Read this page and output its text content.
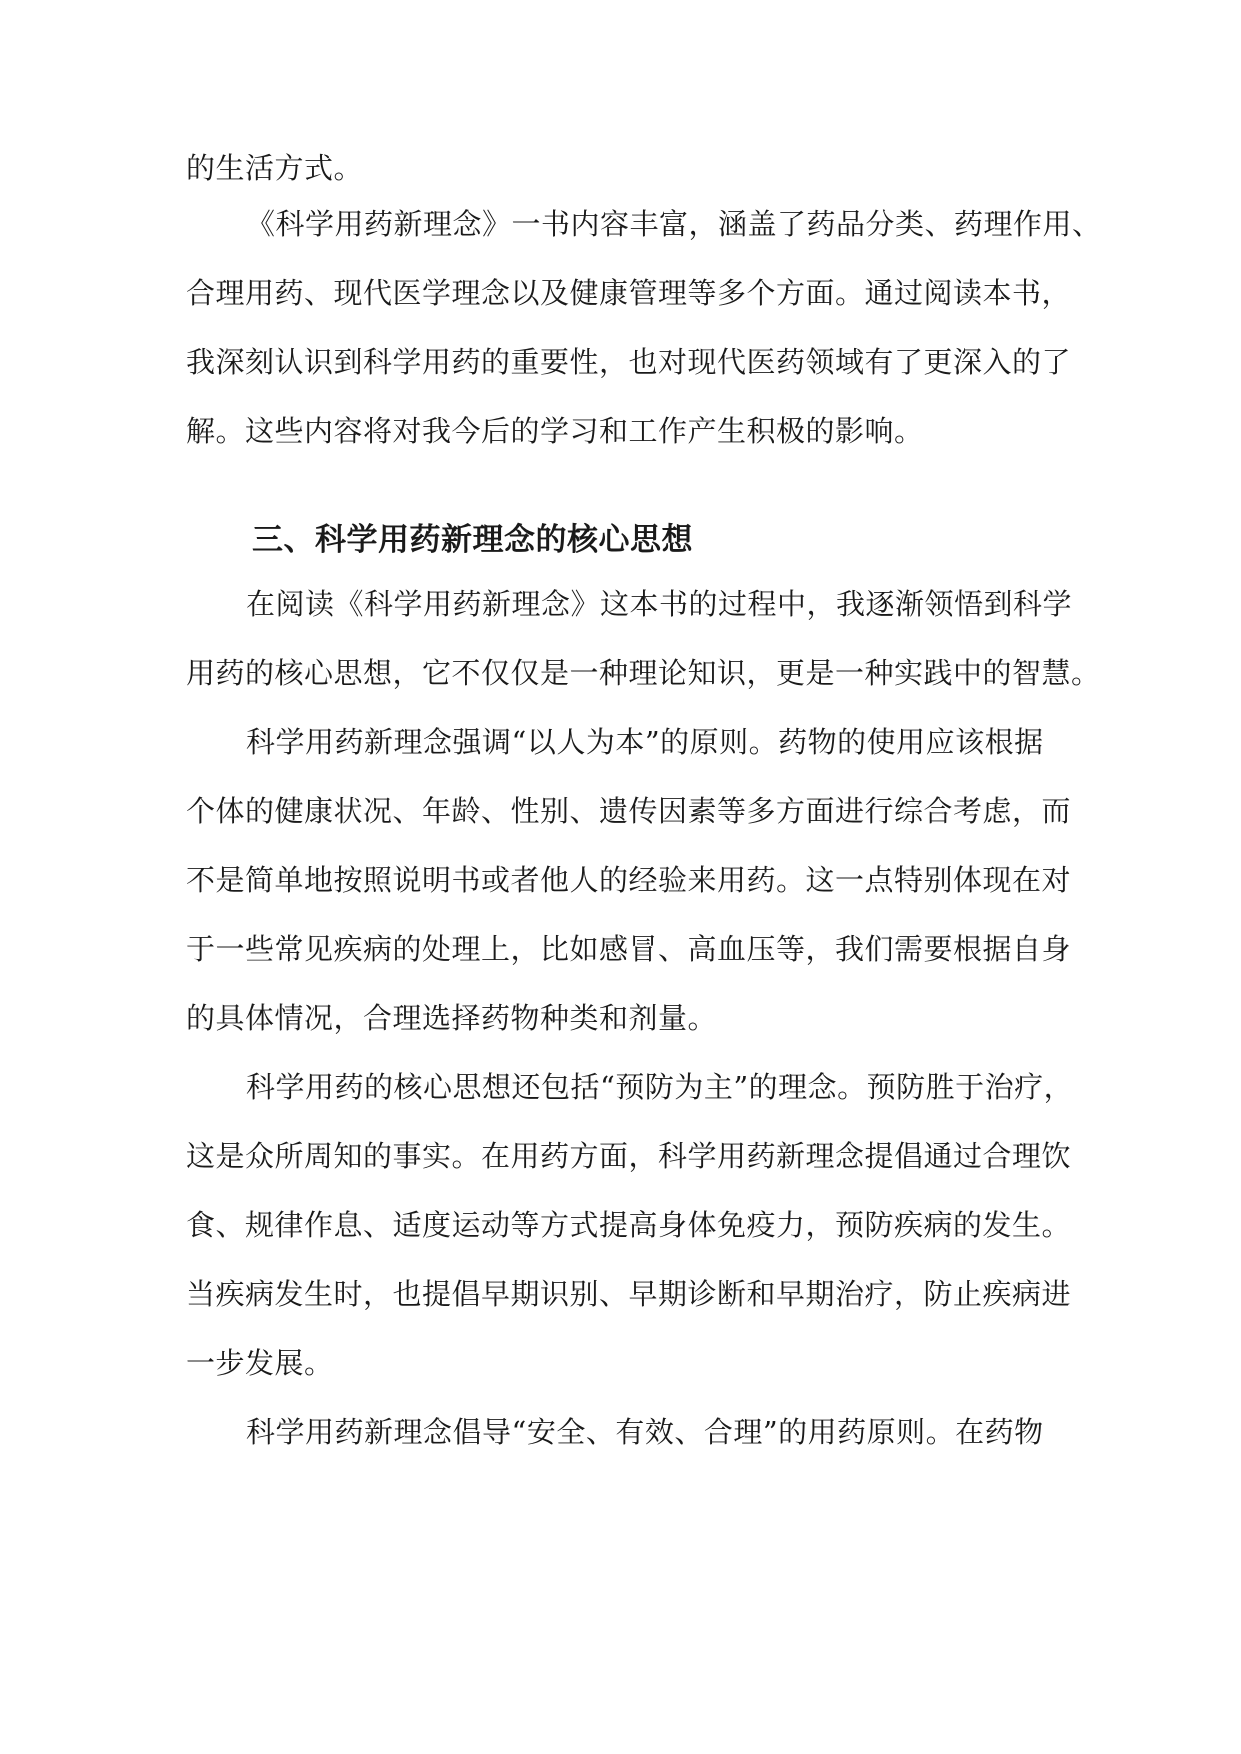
的生活方式。
《科学用药新理念》一书内容丰富，涵盖了药品分类、药理作用、
合理用药、现代医学理念以及健康管理等多个方面。通过阅读本书，
我深刻认识到科学用药的重要性，也对现代医药领域有了更深入的了
解。这些内容将对我今后的学习和工作产生积极的影响。
三、科学用药新理念的核心思想
在阅读《科学用药新理念》这本书的过程中，我逐渐领悟到科学
用药的核心思想，它不仅仅是一种理论知识，更是一种实践中的智慧。
科学用药新理念强调“以人为本”的原则。药物的使用应该根据
个体的健康状况、年龄、性别、遗传因素等多方面进行综合考虑，而
不是简单地按照说明书或者他人的经验来用药。这一点特别体现在对
于一些常见疾病的处理上，比如感冒、高血压等，我们需要根据自身
的具体情况，合理选择药物种类和剂量。
科学用药的核心思想还包括“预防为主”的理念。预防胜于治疗，
这是众所周知的事实。在用药方面，科学用药新理念提倡通过合理饮
食、规律作息、适度运动等方式提高身体免疫力，预防疾病的发生。
当疾病发生时，也提倡早期识别、早期诊断和早期治疗，防止疾病进
一步发展。
科学用药新理念倡导“安全、有效、合理”的用药原则。在药物
